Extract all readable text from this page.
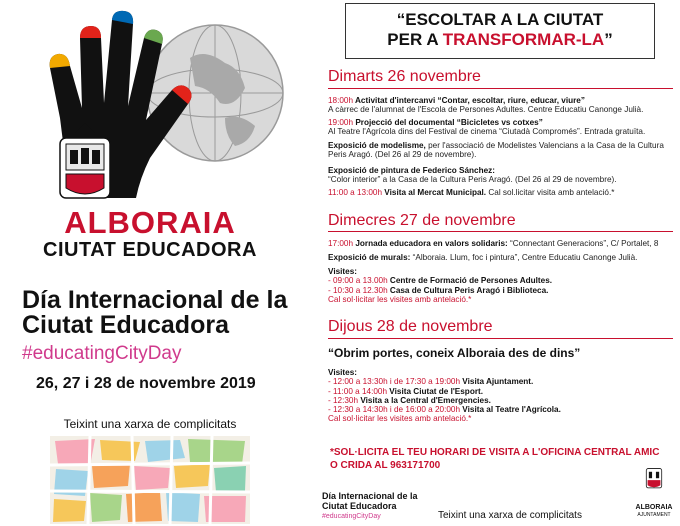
ALBORAIA
CIUTAT EDUCADORA
Día Internacional de la Ciutat Educadora
#educatingCityDay
26, 27 i 28 de novembre 2019
Teixint una xarxa de complicitats
“ESCOLTAR A LA CIUTAT
PER A TRANSFORMAR-LA”
Dimarts 26 novembre
18:00h Activitat d'intercanvi “Contar, escoltar, riure, educar, viure”
A càrrec de l'alumnat de l'Escola de Persones Adultes. Centre Educatiu Canonge Julià.
19:00h Projecció del documental “Bicicletes vs cotxes”
Al Teatre l'Agrícola dins del Festival de cinema “Ciutadà Compromés”. Entrada gratuïta.
Exposició de modelisme, per l'associació de Modelistes Valencians a la Casa de la Cultura Peris Aragó. (Del 26 al 29 de novembre).
Exposició de pintura de Federico Sánchez:
“Color interior” a la Casa de la Cultura Peris Aragó. (Del 26 al 29 de novembre).
11:00 a 13:00h Visita al Mercat Municipal. Cal sol.licitar visita amb antelació.*
Dimecres 27 de novembre
17:00h Jornada educadora en valors solidaris: “Connectant Generacions”, C/ Portalet, 8
Exposició de murals: “Alboraia. Llum, foc i pintura”, Centre Educatiu Canonge Julià.
Visites:
- 09:00 a 13.00h Centre de Formació de Persones Adultes.
- 10:30 a 12.30h Casa de Cultura Peris Aragó i Biblioteca.
Cal sol·licitar les visites amb antelació.*
Dijous 28 de novembre
“Obrim portes, coneix Alboraia des de dins”
Visites:
- 12:00 a 13:30h i de 17:30 a 19:00h Visita Ajuntament.
- 11:00 a 14:00h Visita Ciutat de l'Esport.
- 12:30h Visita a la Central d'Emergencies.
- 12:30 a 14:30h i de 16:00 a 20:00h Visita al Teatre l'Agrícola.
Cal sol·licitar les visites amb antelació.*
*SOL·LICITA EL TEU HORARI DE VISITA A L'OFICINA CENTRAL AMIC
O CRIDA AL 963171700
Día Internacional de la Ciutat Educadora
#educatingCityDay	Teixint una xarxa de complicitats
ALBORAIA
AJUNTAMENT
